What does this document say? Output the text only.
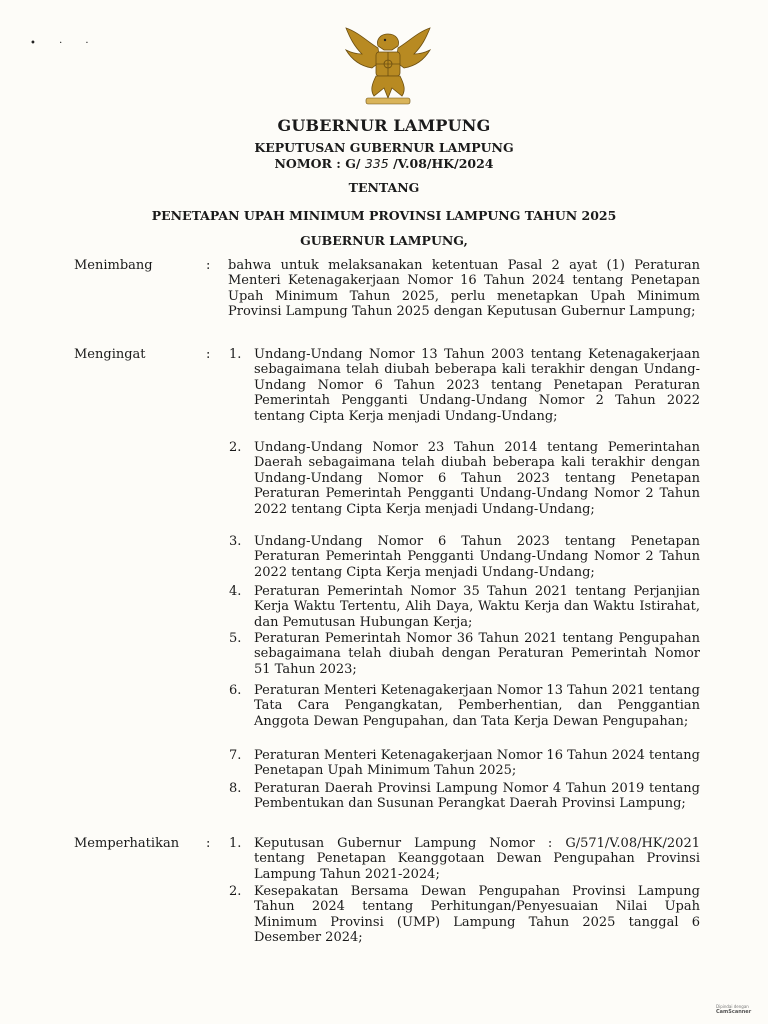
• · ·
GUBERNUR LAMPUNG
KEPUTUSAN GUBERNUR LAMPUNG
NOMOR : G/ 335 /V.08/HK/2024
TENTANG
PENETAPAN UPAH MINIMUM PROVINSI LAMPUNG TAHUN 2025
GUBERNUR LAMPUNG,
Menimbang	: bahwa untuk melaksanakan ketentuan Pasal 2 ayat (1) Peraturan Menteri Ketenagakerjaan Nomor 16 Tahun 2024 tentang Penetapan Upah Minimum Tahun 2025, perlu menetapkan Upah Minimum Provinsi Lampung Tahun 2025 dengan Keputusan Gubernur Lampung;
Mengingat	: 1. Undang-Undang Nomor 13 Tahun 2003 tentang Ketenagakerjaan sebagaimana telah diubah beberapa kali terakhir dengan Undang-Undang Nomor 6 Tahun 2023 tentang Penetapan Peraturan Pemerintah Pengganti Undang-Undang Nomor 2 Tahun 2022 tentang Cipta Kerja menjadi Undang-Undang;
2. Undang-Undang Nomor 23 Tahun 2014 tentang Pemerintahan Daerah sebagaimana telah diubah beberapa kali terakhir dengan Undang-Undang Nomor 6 Tahun 2023 tentang Penetapan Peraturan Pemerintah Pengganti Undang-Undang Nomor 2 Tahun 2022 tentang Cipta Kerja menjadi Undang-Undang;
3. Undang-Undang Nomor 6 Tahun 2023 tentang Penetapan Peraturan Pemerintah Pengganti Undang-Undang Nomor 2 Tahun 2022 tentang Cipta Kerja menjadi Undang-Undang;
4. Peraturan Pemerintah Nomor 35 Tahun 2021 tentang Perjanjian Kerja Waktu Tertentu, Alih Daya, Waktu Kerja dan Waktu Istirahat, dan Pemutusan Hubungan Kerja;
5. Peraturan Pemerintah Nomor 36 Tahun 2021 tentang Pengupahan sebagaimana telah diubah dengan Peraturan Pemerintah Nomor 51 Tahun 2023;
6. Peraturan Menteri Ketenagakerjaan Nomor 13 Tahun 2021 tentang Tata Cara Pengangkatan, Pemberhentian, dan Penggantian Anggota Dewan Pengupahan, dan Tata Kerja Dewan Pengupahan;
7. Peraturan Menteri Ketenagakerjaan Nomor 16 Tahun 2024 tentang Penetapan Upah Minimum Tahun 2025;
8. Peraturan Daerah Provinsi Lampung Nomor 4 Tahun 2019 tentang Pembentukan dan Susunan Perangkat Daerah Provinsi Lampung;
Memperhatikan : 1. Keputusan Gubernur Lampung Nomor : G/571/V.08/HK/2021 tentang Penetapan Keanggotaan Dewan Pengupahan Provinsi Lampung Tahun 2021-2024;
2. Kesepakatan Bersama Dewan Pengupahan Provinsi Lampung Tahun 2024 tentang Perhitungan/Penyesuaian Nilai Upah Minimum Provinsi (UMP) Lampung Tahun 2025 tanggal 6 Desember 2024;
Dipindai dengan
CamScanner
